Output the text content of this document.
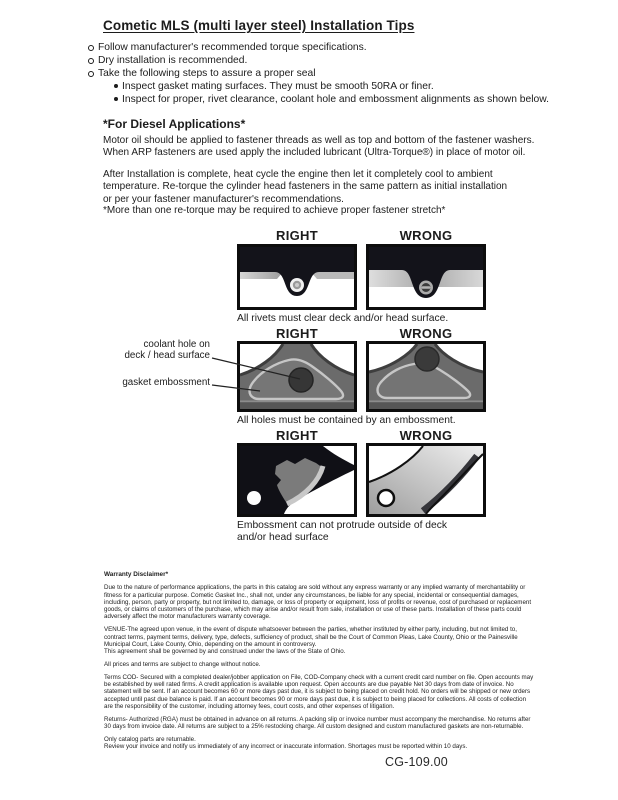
Cometic MLS (multi layer steel) Installation Tips
Follow manufacturer's recommended torque specifications.
Dry installation is recommended.
Take the following steps to assure a proper seal
Inspect gasket mating surfaces. They must be smooth 50RA or finer.
Inspect for proper, rivet clearance, coolant hole and embossment alignments as shown below.
*For Diesel Applications*
Motor oil should be applied to fastener threads as well as top and bottom of the fastener washers.
When ARP fasteners are used apply the included lubricant (Ultra-Torque®) in place of motor oil.
After Installation is complete, heat cycle the engine then let it completely cool to ambient
temperature. Re-torque the cylinder head fasteners in the same pattern as initial installation
or per your fastener manufacturer's recommendations.
*More than one re-torque may be required to achieve proper fastener stretch*
RIGHT	WRONG
All rivets must clear deck and/or head surface.
RIGHT	WRONG
coolant hole on
deck / head surface
gasket embossment
All holes must be contained by an embossment.
RIGHT	WRONG
Embossment can not protrude outside of deck
and/or head surface
Warranty Disclaimer*

Due to the nature of performance applications, the parts in this catalog are sold without any express warranty or any implied warranty of merchantability or fitness for a particular purpose. Cometic Gasket Inc., shall not, under any circumstances, be liable for any special, incidental or consequential damages, including, person, party or property, but not limited to, damage, or loss of property or equipment, loss of profits or revenue, cost of purchased or replacement goods, or claims of customers of the purchase, which may arise and/or result from sale, installation or use of these parts. Installation of these parts could adversely affect the motor manufacturers warranty coverage.

VENUE-The agreed upon venue, in the event of dispute whatsoever between the parties, whether instituted by either party, including, but not limited to, contract terms, payment terms, delivery, type, defects, sufficiency of product, shall be the Court of Common Pleas, Lake County, Ohio or the Painesville Municipal Court, Lake County, Ohio, depending on the amount in controversy.

This agreement shall be governed by and construed under the laws of the State of Ohio.

All prices and terms are subject to change without notice.

Terms COD- Secured with a completed dealer/jobber application on File, COD-Company check with a current credit card number on file. Open accounts may be established by well rated firms. A credit application is available upon request. Open accounts are due payable Net 30 days from date of invoice. No statement will be sent. If an account becomes 60 or more days past due, it is subject to being placed on credit hold. No orders will be shipped or new orders accepted until past due balance is paid. If an account becomes 90 or more days past due, it is subject to being placed for collections. All costs of collection are the responsibility of the customer, including attorney fees, court costs, and other expenses of litigation.

Returns- Authorized (RGA) must be obtained in advance on all returns. A packing slip or invoice number must accompany the merchandise. No returns after 30 days from invoice date. All returns are subject to a 25% restocking charge. All custom designed and custom manufactured gaskets are non-returnable.

Only catalog parts are returnable.

Review your invoice and notify us immediately of any incorrect or inaccurate information. Shortages must be reported within 10 days.

CG-109.00
